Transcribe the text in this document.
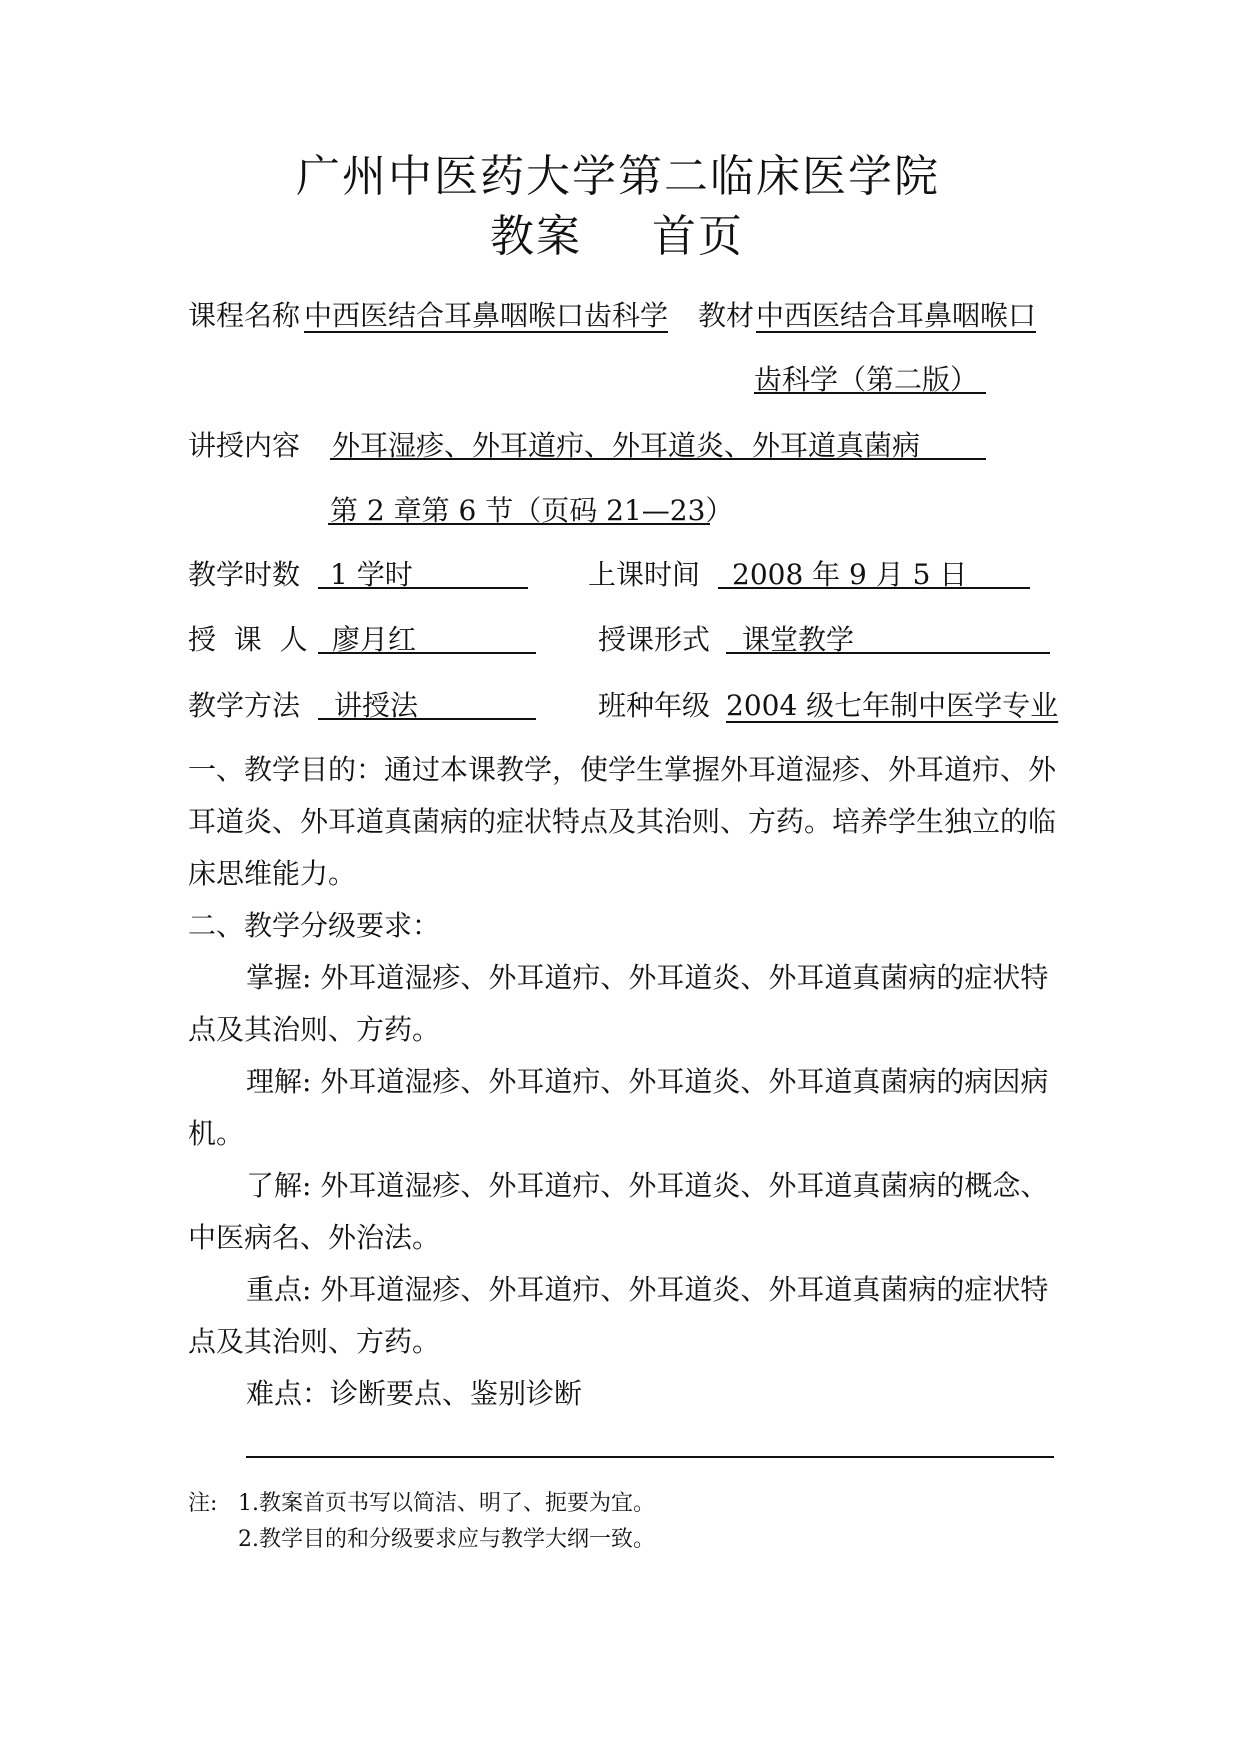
广州中医药大学第二临床医学院
教案 首页
课程名称 中西医结合耳鼻咽喉口齿科学 教材 中西医结合耳鼻咽喉口
齿科学（第二版）
讲授内容 外耳湿疹、外耳道疖、外耳道炎、外耳道真菌病
第 2 章第 6 节（页码 21—23）
教学时数 1 学时	上课时间 2008 年 9 月 5 日
授  课  人 廖月红	授课形式 课堂教学
教学方法 讲授法	班种年级 2004 级七年制中医学专业
一、教学目的：通过本课教学，使学生掌握外耳道湿疹、外耳道疖、外耳道炎、外耳道真菌病的症状特点及其治则、方药。培养学生独立的临床思维能力。
二、教学分级要求：
掌握: 外耳道湿疹、外耳道疖、外耳道炎、外耳道真菌病的症状特点及其治则、方药。
理解: 外耳道湿疹、外耳道疖、外耳道炎、外耳道真菌病的病因病机。
了解: 外耳道湿疹、外耳道疖、外耳道炎、外耳道真菌病的概念、中医病名、外治法。
重点: 外耳道湿疹、外耳道疖、外耳道炎、外耳道真菌病的症状特点及其治则、方药。
难点：诊断要点、鉴别诊断
注: 1.教案首页书写以简洁、明了、扼要为宜。
2.教学目的和分级要求应与教学大纲一致。
